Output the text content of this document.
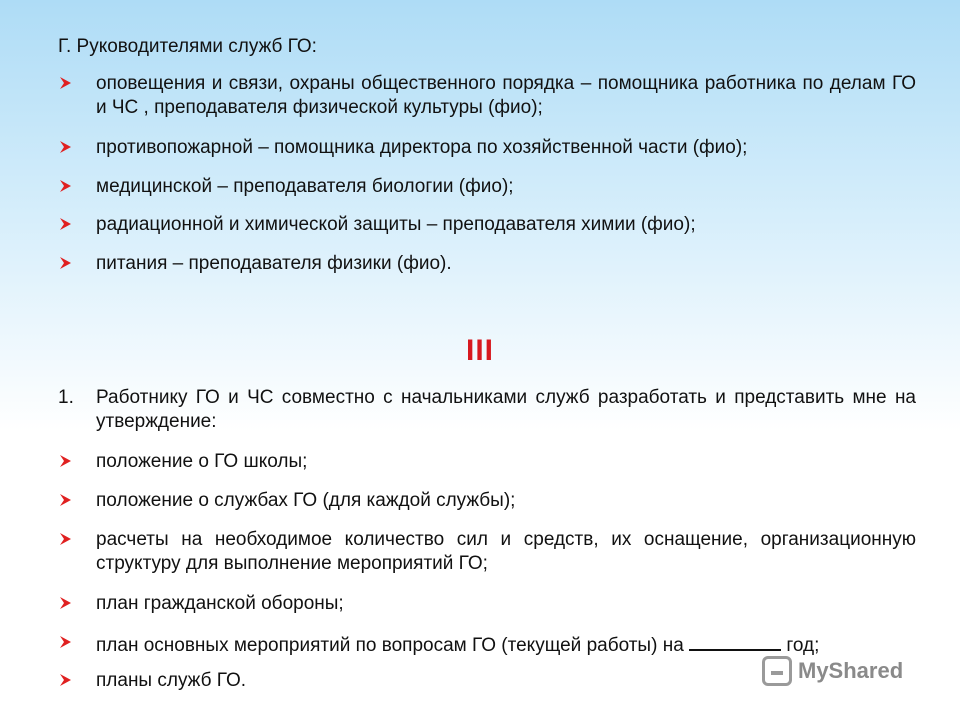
Г. Руководителями служб ГО:
оповещения и связи, охраны общественного порядка – помощника работника по делам ГО и ЧС , преподавателя физической культуры (фио);
противопожарной – помощника директора по хозяйственной части (фио);
медицинской – преподавателя биологии (фио);
радиационной и химической защиты – преподавателя химии (фио);
питания – преподавателя физики (фио).
III
1.	Работнику ГО и ЧС совместно с начальниками служб разработать и представить мне на утверждение:
положение о ГО школы;
положение о службах ГО (для каждой службы);
расчеты на необходимое количество сил и средств, их оснащение, организационную структуру для выполнение мероприятий ГО;
план гражданской обороны;
план основных мероприятий по вопросам ГО (текущей работы) на	год;
планы служб ГО.	MyShared
